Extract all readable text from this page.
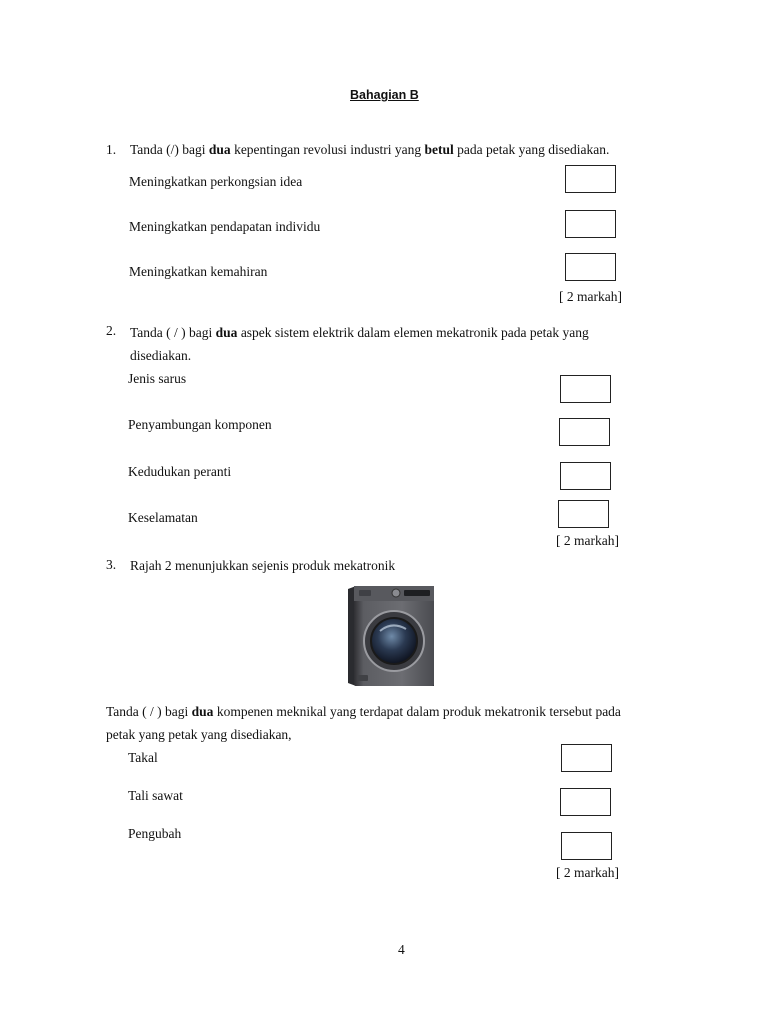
Bahagian B
1. Tanda (/) bagi dua kepentingan revolusi industri yang betul pada petak yang disediakan.
Meningkatkan perkongsian idea
Meningkatkan pendapatan individu
Meningkatkan kemahiran
[ 2 markah]
2. Tanda ( / ) bagi dua aspek sistem elektrik dalam elemen mekatronik pada petak yang
disediakan.
Jenis sarus
Penyambungan komponen
Kedudukan peranti
Keselamatan
[ 2 markah]
3. Rajah 2 menunjukkan sejenis produk mekatronik
Tanda ( / ) bagi dua kompenen meknikal yang terdapat dalam produk mekatronik tersebut pada
petak yang petak yang disediakan,
Takal
Tali sawat
Pengubah
[ 2 markah]
4
